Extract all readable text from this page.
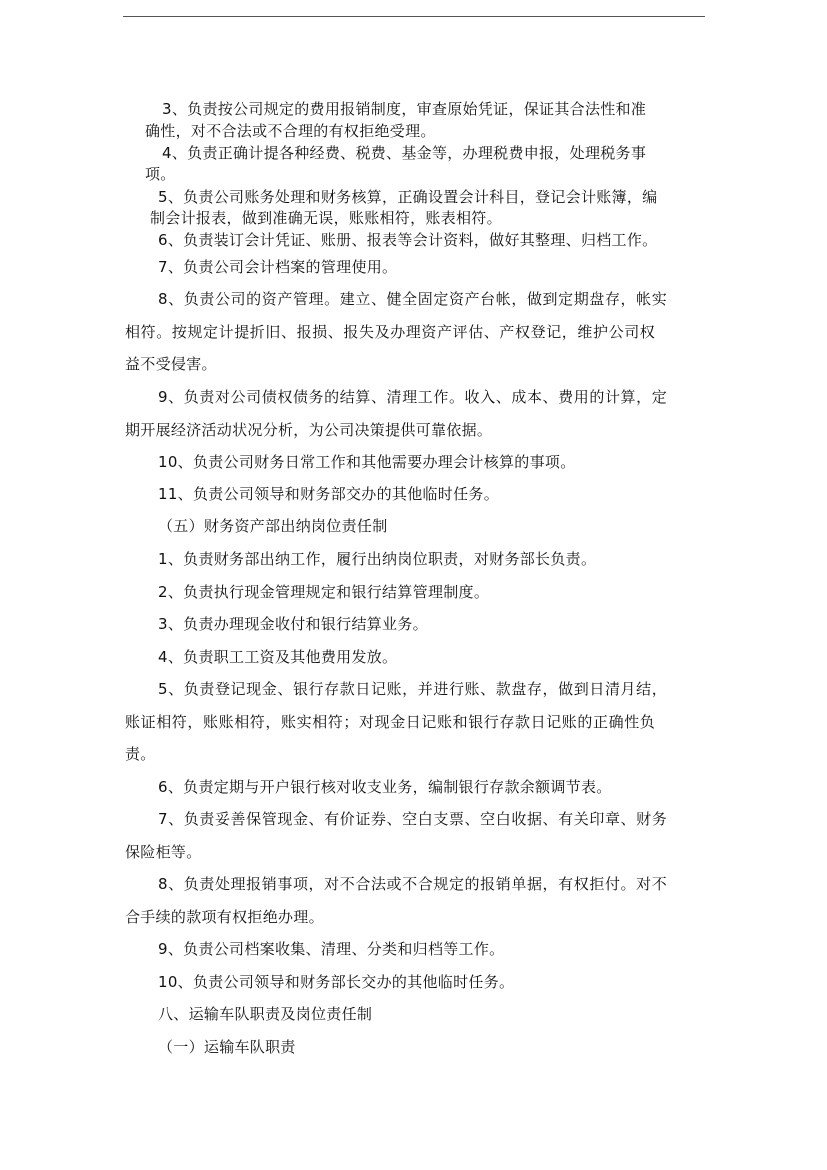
3、负责按公司规定的费用报销制度，审查原始凭证，保证其合法性和准
确性，对不合法或不合理的有权拒绝受理。
4、负责正确计提各种经费、税费、基金等，办理税费申报，处理税务事
项。
5、负责公司账务处理和财务核算，正确设置会计科目，登记会计账簿，编
制会计报表，做到准确无误，账账相符，账表相符。
6、负责装订会计凭证、账册、报表等会计资料，做好其整理、归档工作。
7、负责公司会计档案的管理使用。
8、负责公司的资产管理。建立、健全固定资产台帐，做到定期盘存，帐实
相符。按规定计提折旧、报损、报失及办理资产评估、产权登记，维护公司权
益不受侵害。
9、负责对公司债权债务的结算、清理工作。收入、成本、费用的计算，定
期开展经济活动状况分析，为公司决策提供可靠依据。
10、负责公司财务日常工作和其他需要办理会计核算的事项。
11、负责公司领导和财务部交办的其他临时任务。
（五）财务资产部出纳岗位责任制
1、负责财务部出纳工作，履行出纳岗位职责，对财务部长负责。
2、负责执行现金管理规定和银行结算管理制度。
3、负责办理现金收付和银行结算业务。
4、负责职工工资及其他费用发放。
5、负责登记现金、银行存款日记账，并进行账、款盘存，做到日清月结，
账证相符，账账相符，账实相符；对现金日记账和银行存款日记账的正确性负
责。
6、负责定期与开户银行核对收支业务，编制银行存款余额调节表。
7、负责妥善保管现金、有价证券、空白支票、空白收据、有关印章、财务
保险柜等。
8、负责处理报销事项，对不合法或不合规定的报销单据，有权拒付。对不
合手续的款项有权拒绝办理。
9、负责公司档案收集、清理、分类和归档等工作。
10、负责公司领导和财务部长交办的其他临时任务。
八、运输车队职责及岗位责任制
（一）运输车队职责
